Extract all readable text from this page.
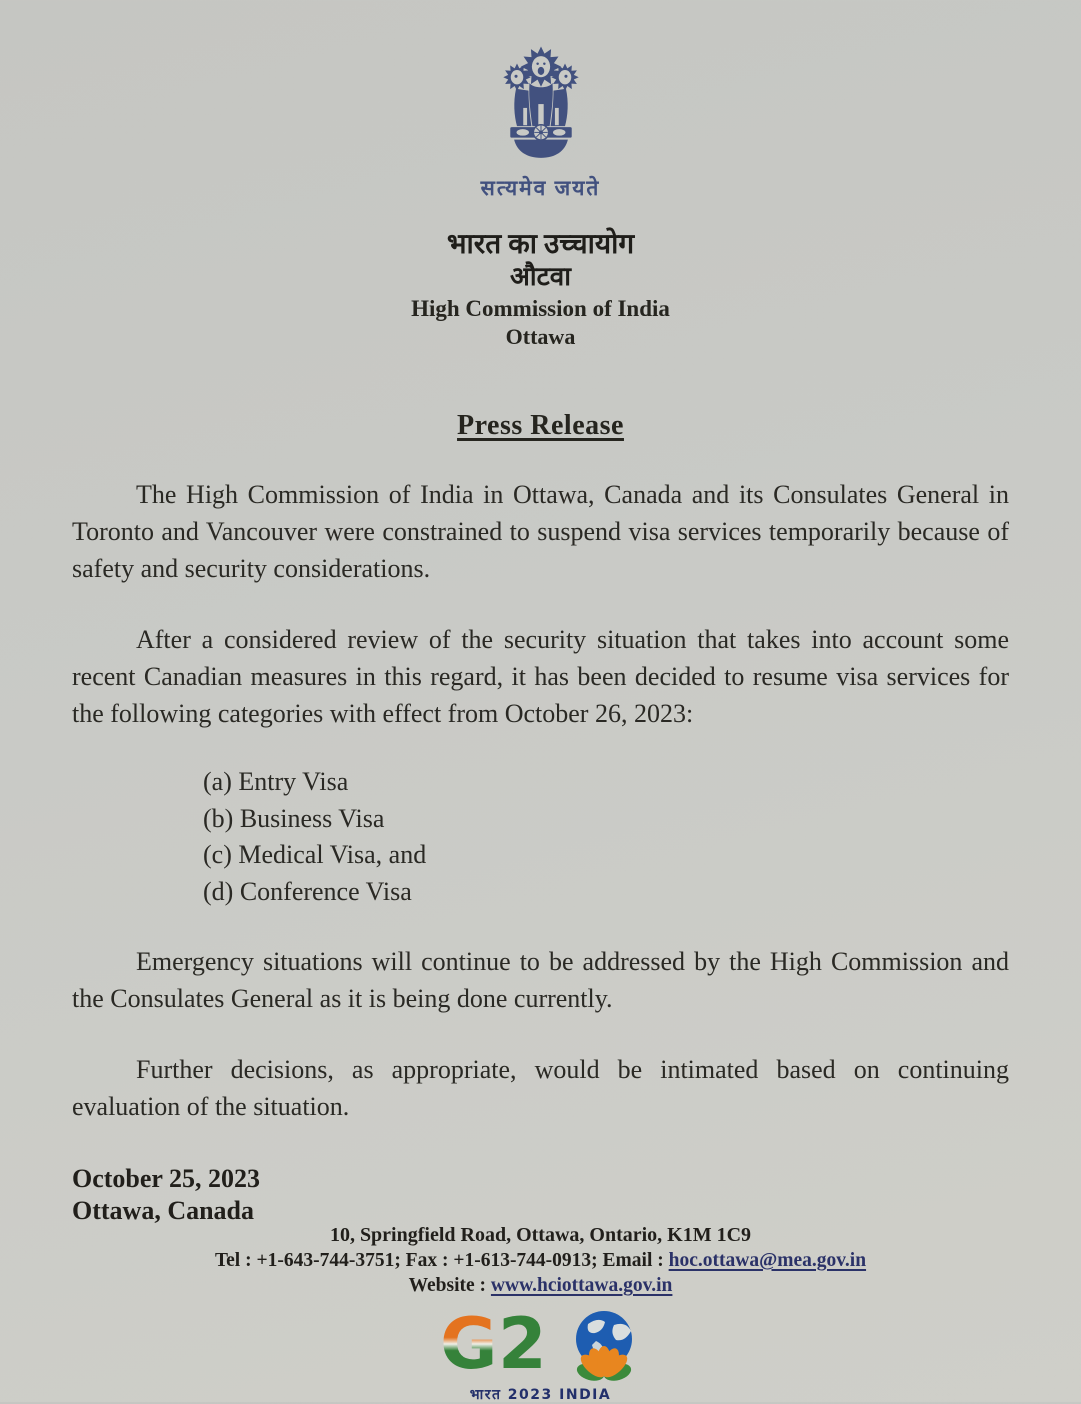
सत्यमेव जयते
भारत का उच्चायोग
औटवा
High Commission of India
Ottawa
Press Release

The High Commission of India in Ottawa, Canada and its Consulates General in Toronto and Vancouver were constrained to suspend visa services temporarily because of safety and security considerations.

After a considered review of the security situation that takes into account some recent Canadian measures in this regard, it has been decided to resume visa services for the following categories with effect from October 26, 2023:

(a) Entry Visa
(b) Business Visa
(c) Medical Visa, and
(d) Conference Visa

Emergency situations will continue to be addressed by the High Commission and the Consulates General as it is being done currently.

Further decisions, as appropriate, would be intimated based on continuing evaluation of the situation.

October 25, 2023
Ottawa, Canada
10, Springfield Road, Ottawa, Ontario, K1M 1C9
Tel : +1-643-744-3751; Fax : +1-613-744-0913; Email : hoc.ottawa@mea.gov.in
Website : www.hciottawa.gov.in
G 2
भारत 2023 INDIA
